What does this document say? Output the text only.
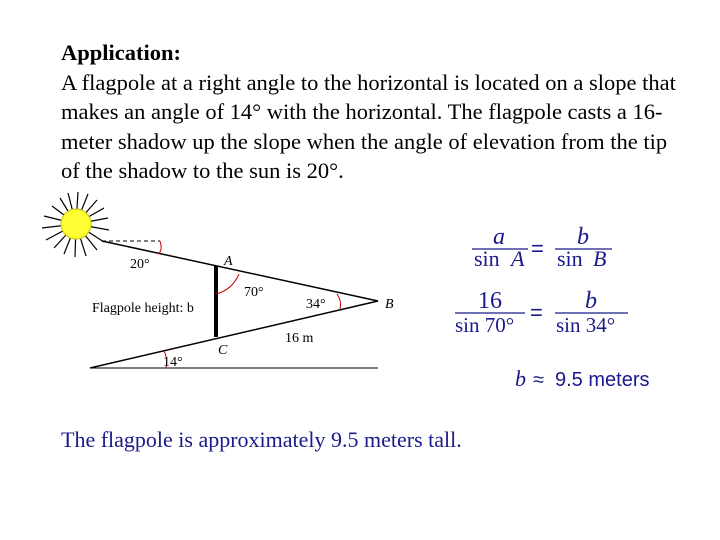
Application:
A flagpole at a right angle to the horizontal is located on a slope that makes an angle of 14° with the horizontal. The flagpole casts a 16-meter shadow up the slope when the angle of elevation from the tip of the shadow to the sun is 20°.
20°	A
70°
34°	B
Flagpole height: b
C
16 m
14°
a
sin A = b
sin B
16
sin 70° = b
sin 34°
b ≈ 9.5 meters
The flagpole is approximately 9.5 meters tall.
